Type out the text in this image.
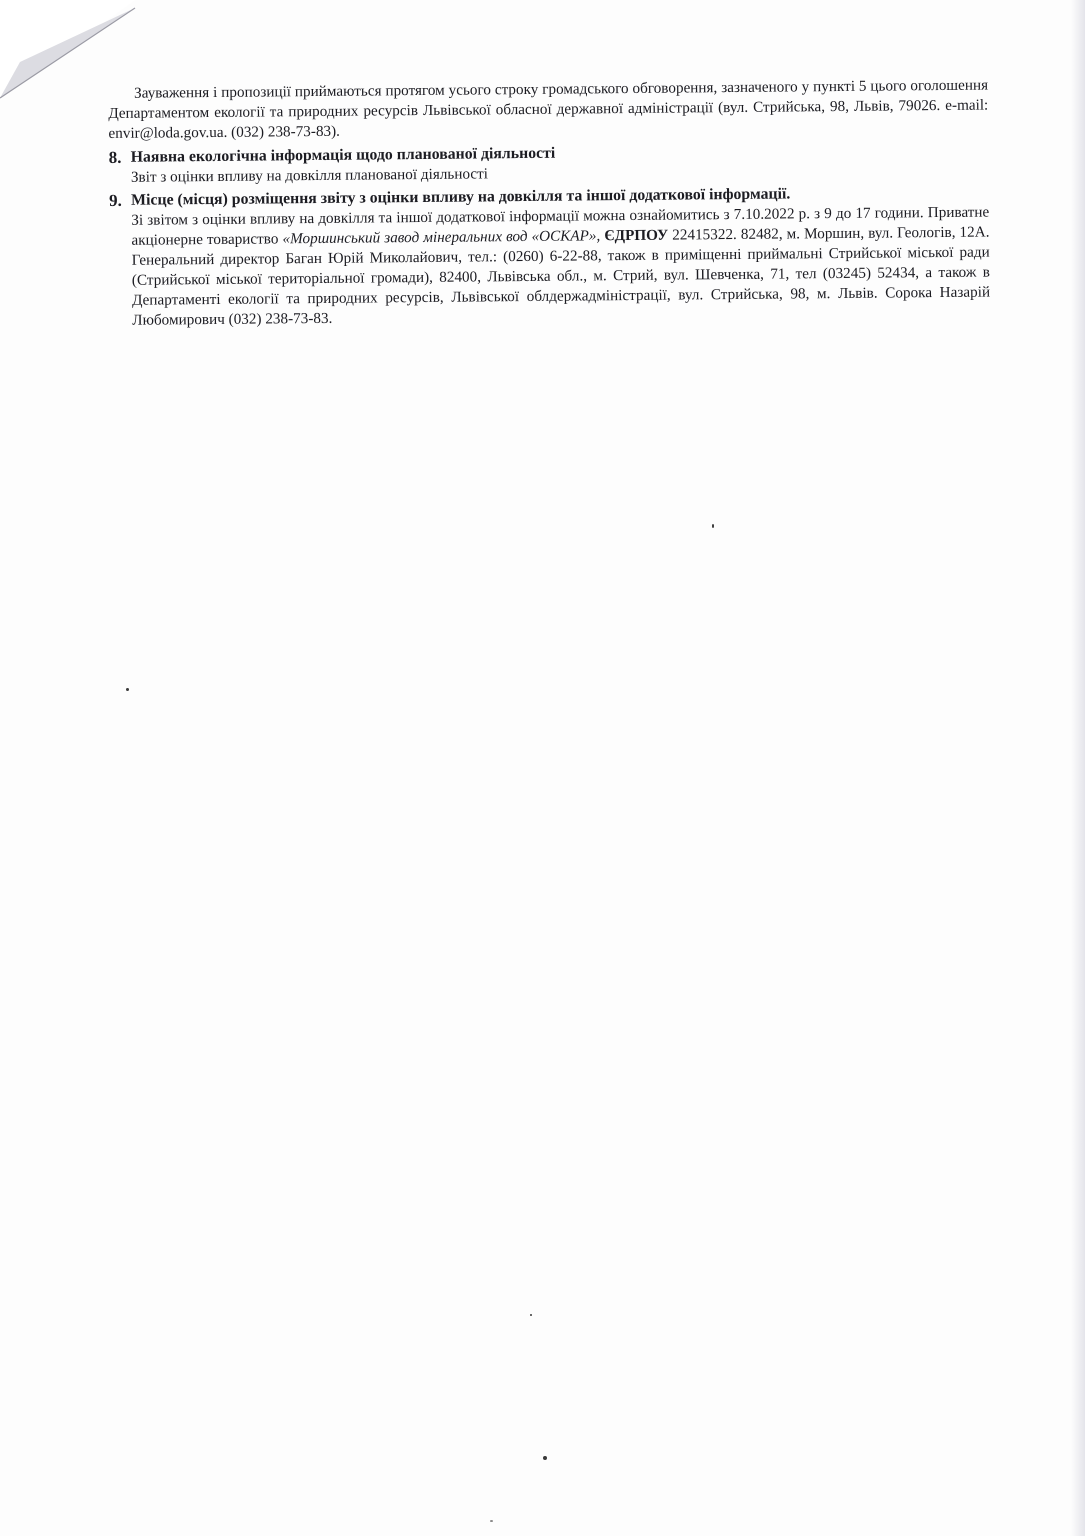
Зауваження і пропозиції приймаються протягом усього строку громадського обговорення, зазначеного у пункті 5 цього оголошення Департаментом екології та природних ресурсів Львівської обласної державної адміністрації (вул. Стрийська, 98, Львів, 79026. e-mail: envir@loda.gov.ua. (032) 238-73-83).

8. Наявна екологічна інформація щодо планованої діяльності

Звіт з оцінки впливу на довкілля планованої діяльності

9. Місце (місця) розміщення звіту з оцінки впливу на довкілля та іншої додаткової інформації.

Зі звітом з оцінки впливу на довкілля та іншої додаткової інформації можна ознайомитись з 7.10.2022 р. з 9 до 17 години. Приватне акціонерне товариство «Моршинський завод мінеральних вод «ОСКАР», ЄДРПОУ 22415322. 82482, м. Моршин, вул. Геологів, 12А. Генеральний директор Баган Юрій Миколайович, тел.: (0260) 6-22-88, також в приміщенні приймальні Стрийської міської ради (Стрийської міської територіальної громади), 82400, Львівська обл., м. Стрий, вул. Шевченка, 71, тел (03245) 52434, а також в Департаменті екології та природних ресурсів, Львівської облдержадміністрації, вул. Стрийська, 98, м. Львів. Сорока Назарій Любомирович (032) 238-73-83.
